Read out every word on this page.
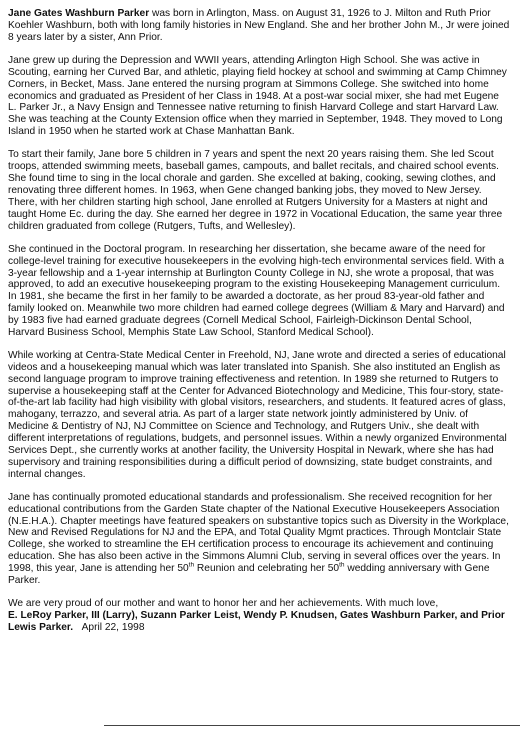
Jane Gates Washburn Parker was born in Arlington, Mass. on August 31, 1926 to J. Milton and Ruth Prior Koehler Washburn, both with long family histories in New England. She and her brother John M., Jr were joined 8 years later by a sister, Ann Prior.

Jane grew up during the Depression and WWII years, attending Arlington High School. She was active in Scouting, earning her Curved Bar, and athletic, playing field hockey at school and swimming at Camp Chimney Corners, in Becket, Mass. Jane entered the nursing program at Simmons College. She switched into home economics and graduated as President of her Class in 1948. At a post-war social mixer, she had met Eugene L. Parker Jr., a Navy Ensign and Tennessee native returning to finish Harvard College and start Harvard Law. She was teaching at the County Extension office when they married in September, 1948. They moved to Long Island in 1950 when he started work at Chase Manhattan Bank.

To start their family, Jane bore 5 children in 7 years and spent the next 20 years raising them. She led Scout troops, attended swimming meets, baseball games, campouts, and ballet recitals, and chaired school events. She found time to sing in the local chorale and garden. She excelled at baking, cooking, sewing clothes, and renovating three different homes. In 1963, when Gene changed banking jobs, they moved to New Jersey. There, with her children starting high school, Jane enrolled at Rutgers University for a Masters at night and taught Home Ec. during the day. She earned her degree in 1972 in Vocational Education, the same year three children graduated from college (Rutgers, Tufts, and Wellesley).

She continued in the Doctoral program. In researching her dissertation, she became aware of the need for college-level training for executive housekeepers in the evolving high-tech environmental services field. With a 3-year fellowship and a 1-year internship at Burlington County College in NJ, she wrote a proposal, that was approved, to add an executive housekeeping program to the existing Housekeeping Management curriculum. In 1981, she became the first in her family to be awarded a doctorate, as her proud 83-year-old father and family looked on. Meanwhile two more children had earned college degrees (William & Mary and Harvard) and by 1983 five had earned graduate degrees (Cornell Medical School, Fairleigh-Dickinson Dental School, Harvard Business School, Memphis State Law School, Stanford Medical School).

While working at Centra-State Medical Center in Freehold, NJ, Jane wrote and directed a series of educational videos and a housekeeping manual which was later translated into Spanish. She also instituted an English as second language program to improve training effectiveness and retention. In 1989 she returned to Rutgers to supervise a housekeeping staff at the Center for Advanced Biotechnology and Medicine, This four-story, state-of-the-art lab facility had high visibility with global visitors, researchers, and students. It featured acres of glass, mahogany, terrazzo, and several atria. As part of a larger state network jointly administered by Univ. of Medicine & Dentistry of NJ, NJ Committee on Science and Technology, and Rutgers Univ., she dealt with different interpretations of regulations, budgets, and personnel issues. Within a newly organized Environmental Services Dept., she currently works at another facility, the University Hospital in Newark, where she has had supervisory and training responsibilities during a difficult period of downsizing, state budget constraints, and internal changes.

Jane has continually promoted educational standards and professionalism. She received recognition for her educational contributions from the Garden State chapter of the National Executive Housekeepers Association (N.E.H.A.). Chapter meetings have featured speakers on substantive topics such as Diversity in the Workplace, New and Revised Regulations for NJ and the EPA, and Total Quality Mgmt practices. Through Montclair State College, she worked to streamline the EH certification process to encourage its achievement and continuing education. She has also been active in the Simmons Alumni Club, serving in several offices over the years. In 1998, this year, Jane is attending her 50th Reunion and celebrating her 50th wedding anniversary with Gene Parker.

We are very proud of our mother and want to honor her and her achievements. With much love,
E. LeRoy Parker, III (Larry), Suzann Parker Leist, Wendy P. Knudsen, Gates Washburn Parker, and Prior Lewis Parker. April 22, 1998
